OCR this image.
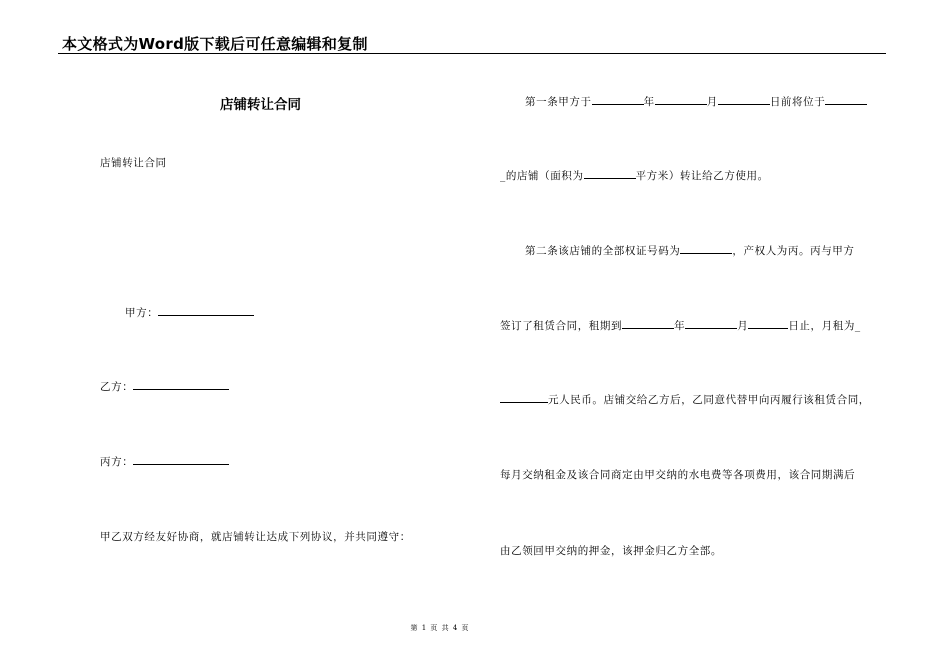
本文格式为Word版下载后可任意编辑和复制
店铺转让合同
店铺转让合同
甲方：
乙方：
丙方：
甲乙双方经友好协商，就店铺转让达成下列协议，并共同遵守：
第一条甲方于	年	月	日前将位于
_的店铺（面积为	平方米）转让给乙方使用。
第二条该店铺的全部权证号码为	，产权人为丙。丙与甲方
签订了租赁合同，租期到	年	月	日止，月租为_
元人民币。店铺交给乙方后，乙同意代替甲向丙履行该租赁合同，
每月交纳租金及该合同商定由甲交纳的水电费等各项费用，该合同期满后
由乙领回甲交纳的押金，该押金归乙方全部。
第 1 页 共 4 页
